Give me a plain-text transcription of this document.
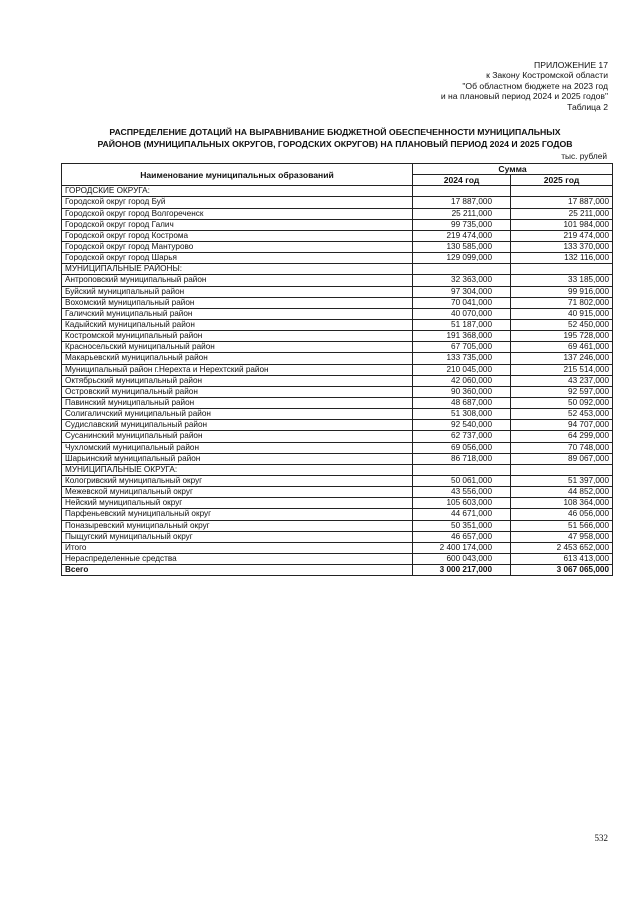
ПРИЛОЖЕНИЕ 17
к Закону Костромской области
"Об областном бюджете на 2023 год
и на плановый период 2024 и 2025 годов"
Таблица 2
РАСПРЕДЕЛЕНИЕ ДОТАЦИЙ НА ВЫРАВНИВАНИЕ БЮДЖЕТНОЙ ОБЕСПЕЧЕННОСТИ МУНИЦИПАЛЬНЫХ
РАЙОНОВ (МУНИЦИПАЛЬНЫХ ОКРУГОВ, ГОРОДСКИХ ОКРУГОВ) НА ПЛАНОВЫЙ ПЕРИОД 2024 И 2025 ГОДОВ
тыс. рублей
Наименование муниципальных образований	Сумма	
	2024 год	2025 год
ГОРОДСКИЕ ОКРУГА:		
Городской округ город Буй	17 887,000	17 887,000
Городской округ город Волгореченск	25 211,000	25 211,000
Городской округ город Галич	99 735,000	101 984,000
Городской округ город Кострома	219 474,000	219 474,000
Городской округ город Мантурово	130 585,000	133 370,000
Городской округ город Шарья	129 099,000	132 116,000
МУНИЦИПАЛЬНЫЕ РАЙОНЫ:		
Антроповский муниципальный район	32 363,000	33 185,000
Буйский муниципальный район	97 304,000	99 916,000
Вохомский муниципальный район	70 041,000	71 802,000
Галичский муниципальный район	40 070,000	40 915,000
Кадыйский муниципальный район	51 187,000	52 450,000
Костромской муниципальный район	191 368,000	195 728,000
Красносельский муниципальный район	67 705,000	69 461,000
Макарьевский муниципальный район	133 735,000	137 246,000
Муниципальный район г.Нерехта и Нерехтский район	210 045,000	215 514,000
Октябрьский муниципальный район	42 060,000	43 237,000
Островский муниципальный район	90 360,000	92 597,000
Павинский муниципальный район	48 687,000	50 092,000
Солигаличский муниципальный район	51 308,000	52 453,000
Судиславский муниципальный район	92 540,000	94 707,000
Сусанинский муниципальный район	62 737,000	64 299,000
Чухломский муниципальный район	69 056,000	70 748,000
Шарьинский муниципальный район	86 718,000	89 067,000
МУНИЦИПАЛЬНЫЕ ОКРУГА:		
Кологривский муниципальный округ	50 061,000	51 397,000
Межевской муниципальный округ	43 556,000	44 852,000
Нейский муниципальный округ	105 603,000	108 364,000
Парфеньевский муниципальный округ	44 671,000	46 056,000
Поназыревский муниципальный округ	50 351,000	51 566,000
Пыщугский муниципальный округ	46 657,000	47 958,000
Итого	2 400 174,000	2 453 652,000
Нераспределенные средства	600 043,000	613 413,000
Всего	3 000 217,000	3 067 065,000
532
